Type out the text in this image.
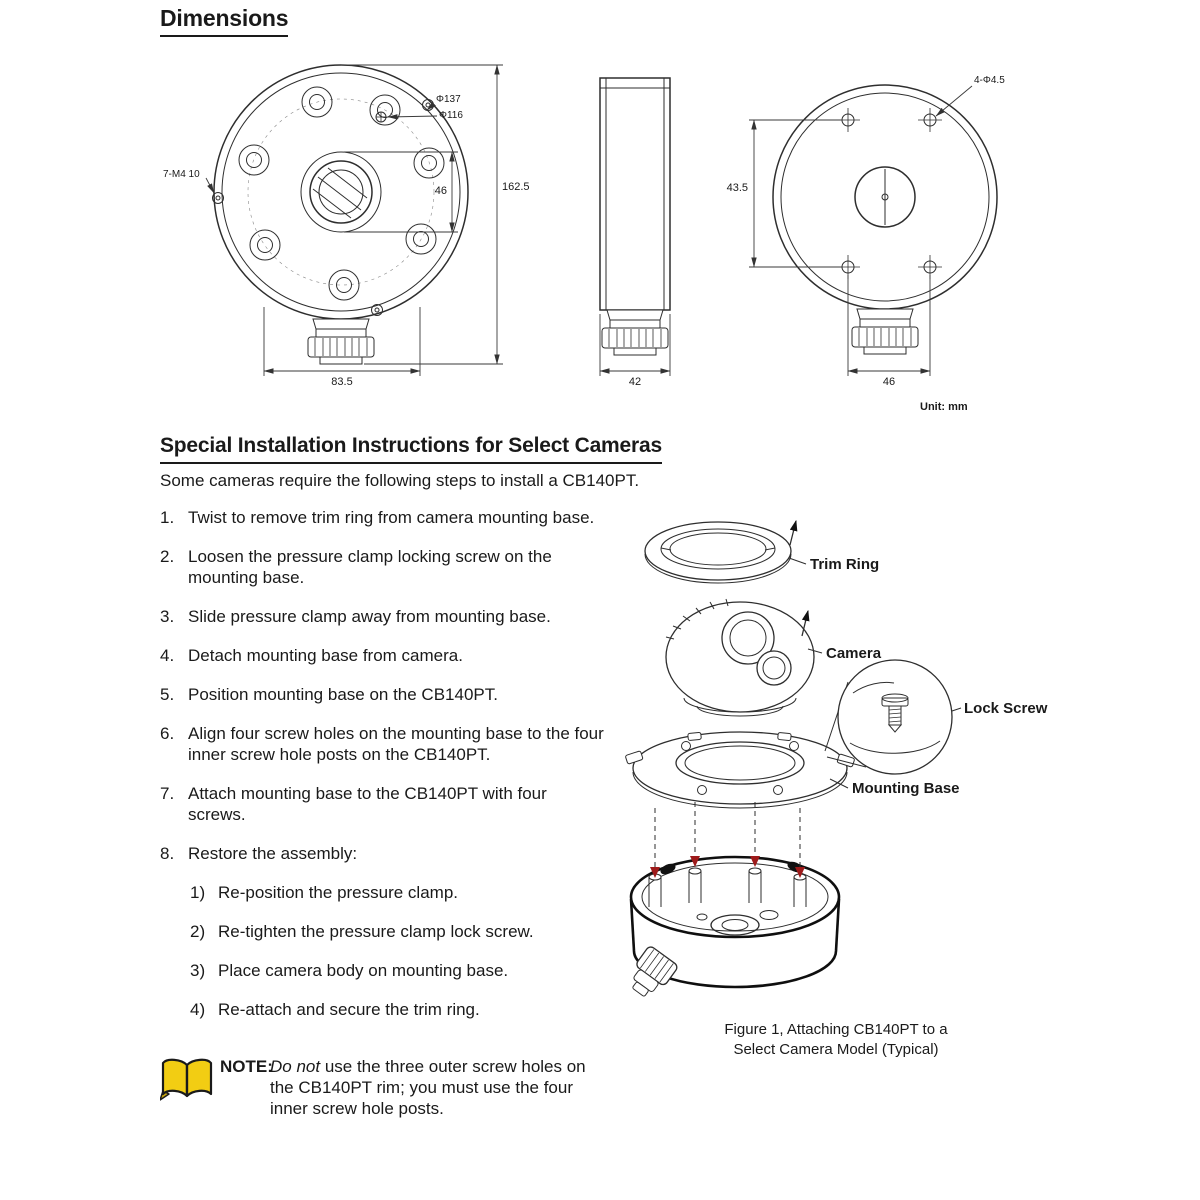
Dimensions
Φ137
Φ116
7-M4 10
162.5
46
83.5	42
43.5
4-Φ4.5
46
Unit: mm
Special Installation Instructions for Select Cameras

Some cameras require the following steps to install a CB140PT.

1. Twist to remove trim ring from camera mounting base.
2. Loosen the pressure clamp locking screw on the mounting base.
3. Slide pressure clamp away from mounting base.
4. Detach mounting base from camera.
5. Position mounting base on the CB140PT.
6. Align four screw holes on the mounting base to the four inner screw hole posts on the CB140PT.
7. Attach mounting base to the CB140PT with four screws.
8. Restore the assembly:
1) Re-position the pressure clamp.
2) Re-tighten the pressure clamp lock screw.
3) Place camera body on mounting base.
4) Re-attach and secure the trim ring.
NOTE:
Do not use the three outer screw holes on the CB140PT rim; you must use the four inner screw hole posts.
Trim Ring
Camera
Mounting Base
Lock Screw
Figure 1, Attaching CB140PT to a
Select Camera Model (Typical)
